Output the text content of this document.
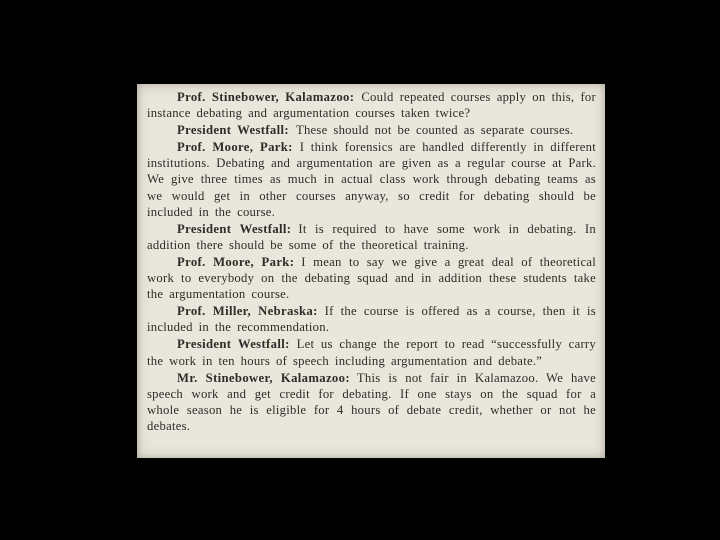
Prof. Stinebower, Kalamazoo: Could repeated courses apply on this, for instance debating and argumentation courses taken twice?

President Westfall: These should not be counted as separate courses.

Prof. Moore, Park: I think forensics are handled differently in different institutions. Debating and argumentation are given as a regular course at Park. We give three times as much in actual class work through debating teams as we would get in other courses anyway, so credit for debating should be included in the course.

President Westfall: It is required to have some work in debating. In addition there should be some of the theoretical training.

Prof. Moore, Park: I mean to say we give a great deal of theoretical work to everybody on the debating squad and in addition these students take the argumentation course.

Prof. Miller, Nebraska: If the course is offered as a course, then it is included in the recommendation.

President Westfall: Let us change the report to read “successfully carry the work in ten hours of speech including argumentation and debate.”

Mr. Stinebower, Kalamazoo: This is not fair in Kalamazoo. We have speech work and get credit for debating. If one stays on the squad for a whole season he is eligible for 4 hours of debate credit, whether or not he debates.
